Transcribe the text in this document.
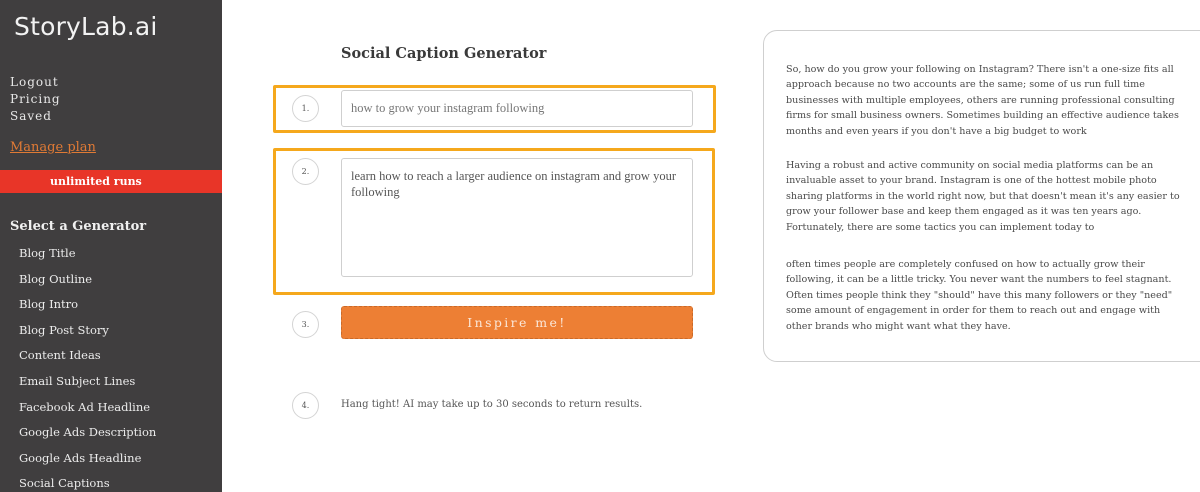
StoryLab.ai
Logout
Pricing
Saved
Manage plan
unlimited runs
Select a Generator
Blog Title
Blog Outline
Blog Intro
Blog Post Story
Content Ideas
Email Subject Lines
Facebook Ad Headline
Google Ads Description
Google Ads Headline
Social Captions
Social Caption Generator
1.
how to grow your instagram following
2.
learn how to reach a larger audience on instagram and grow your following
3.	Inspire me!
4.	Hang tight! AI may take up to 30 seconds to return results.
So, how do you grow your following on Instagram? There isn't a one-size fits all approach because no two accounts are the same; some of us run full time businesses with multiple employees, others are running professional consulting firms for small business owners. Sometimes building an effective audience takes months and even years if you don't have a big budget to work
Having a robust and active community on social media platforms can be an invaluable asset to your brand. Instagram is one of the hottest mobile photo sharing platforms in the world right now, but that doesn't mean it's any easier to grow your follower base and keep them engaged as it was ten years ago. Fortunately, there are some tactics you can implement today to
often times people are completely confused on how to actually grow their following, it can be a little tricky. You never want the numbers to feel stagnant. Often times people think they "should" have this many followers or they "need" some amount of engagement in order for them to reach out and engage with other brands who might want what they have.
